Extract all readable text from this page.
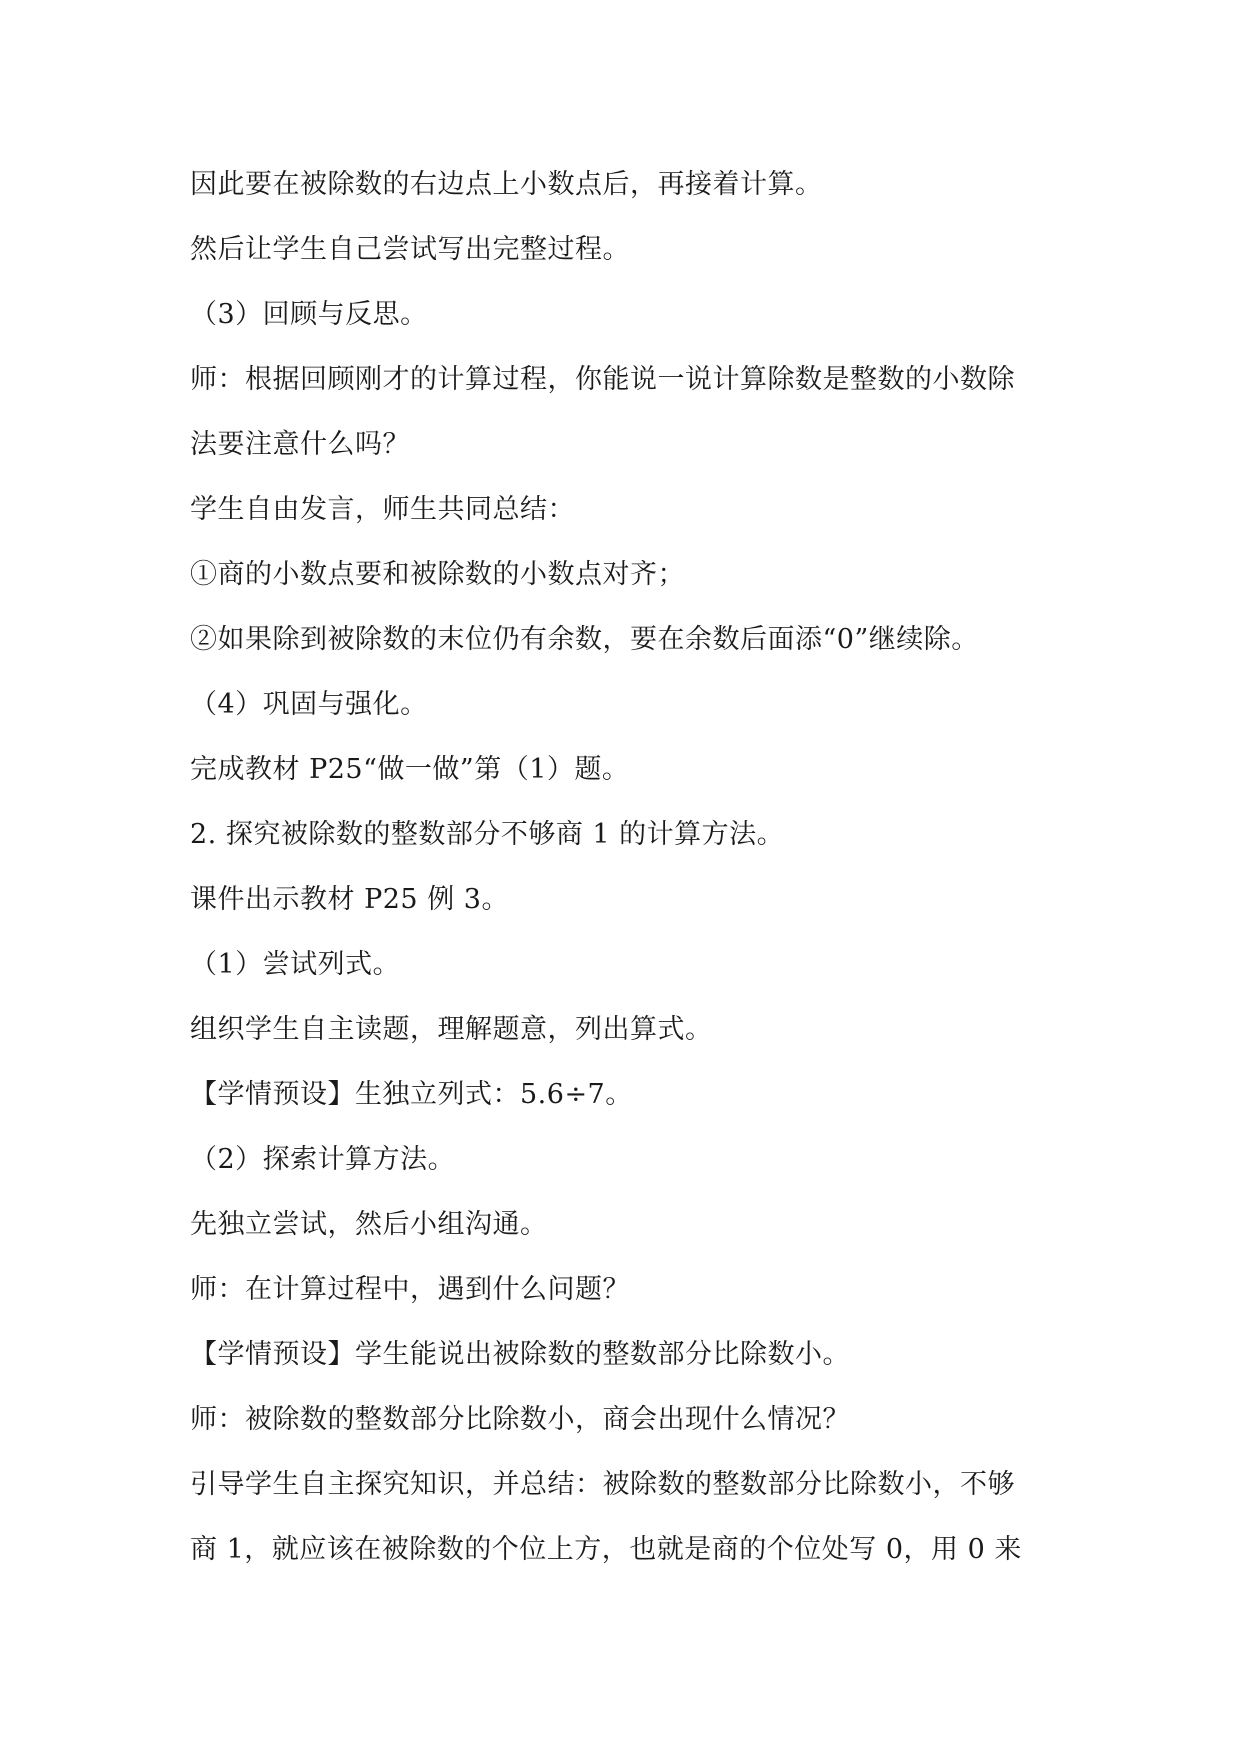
因此要在被除数的右边点上小数点后，再接着计算。
然后让学生自己尝试写出完整过程。
（3）回顾与反思。
师：根据回顾刚才的计算过程，你能说一说计算除数是整数的小数除
法要注意什么吗？
学生自由发言，师生共同总结：
①商的小数点要和被除数的小数点对齐；
②如果除到被除数的末位仍有余数，要在余数后面添“0”继续除。
（4）巩固与强化。
完成教材 P25“做一做”第（1）题。
2. 探究被除数的整数部分不够商 1 的计算方法。
课件出示教材 P25 例 3。
（1）尝试列式。
组织学生自主读题，理解题意，列出算式。
【学情预设】生独立列式：5.6÷7。
（2）探索计算方法。
先独立尝试，然后小组沟通。
师：在计算过程中，遇到什么问题？
【学情预设】学生能说出被除数的整数部分比除数小。
师：被除数的整数部分比除数小，商会出现什么情况？
引导学生自主探究知识，并总结：被除数的整数部分比除数小，不够
商 1，就应该在被除数的个位上方，也就是商的个位处写 0，用 0 来
